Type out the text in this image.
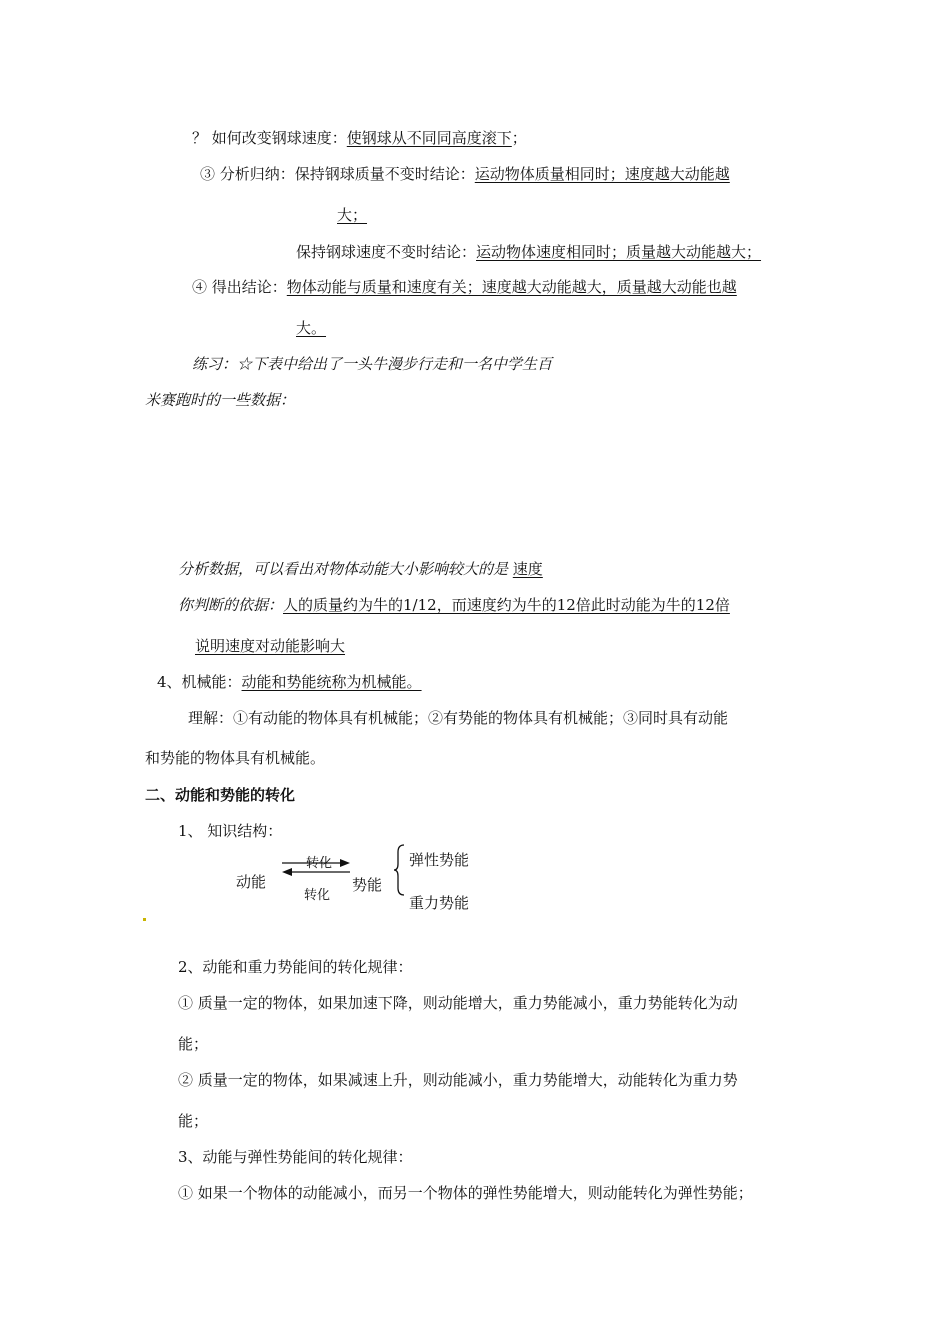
？ 如何改变钢球速度：使钢球从不同同高度滚下；
③ 分析归纳：保持钢球质量不变时结论：运动物体质量相同时；速度越大动能越
大；
保持钢球速度不变时结论：运动物体速度相同时；质量越大动能越大；
④ 得出结论：物体动能与质量和速度有关；速度越大动能越大，质量越大动能也越
大。
练习：☆下表中给出了一头牛漫步行走和一名中学生百
米赛跑时的一些数据：
分析数据，可以看出对物体动能大小影响较大的是 速度
你判断的依据：人的质量约为牛的1/12，而速度约为牛的12倍此时动能为牛的12倍
说明速度对动能影响大
4、机械能：动能和势能统称为机械能。
理解：①有动能的物体具有机械能；②有势能的物体具有机械能；③同时具有动能
和势能的物体具有机械能。
二、动能和势能的转化
1、 知识结构：
动能
转化
转化
势能
弹性势能
重力势能
2、动能和重力势能间的转化规律：
① 质量一定的物体，如果加速下降，则动能增大，重力势能减小，重力势能转化为动
能；
② 质量一定的物体，如果减速上升，则动能减小，重力势能增大，动能转化为重力势
能；
3、动能与弹性势能间的转化规律：
① 如果一个物体的动能减小，而另一个物体的弹性势能增大，则动能转化为弹性势能；
